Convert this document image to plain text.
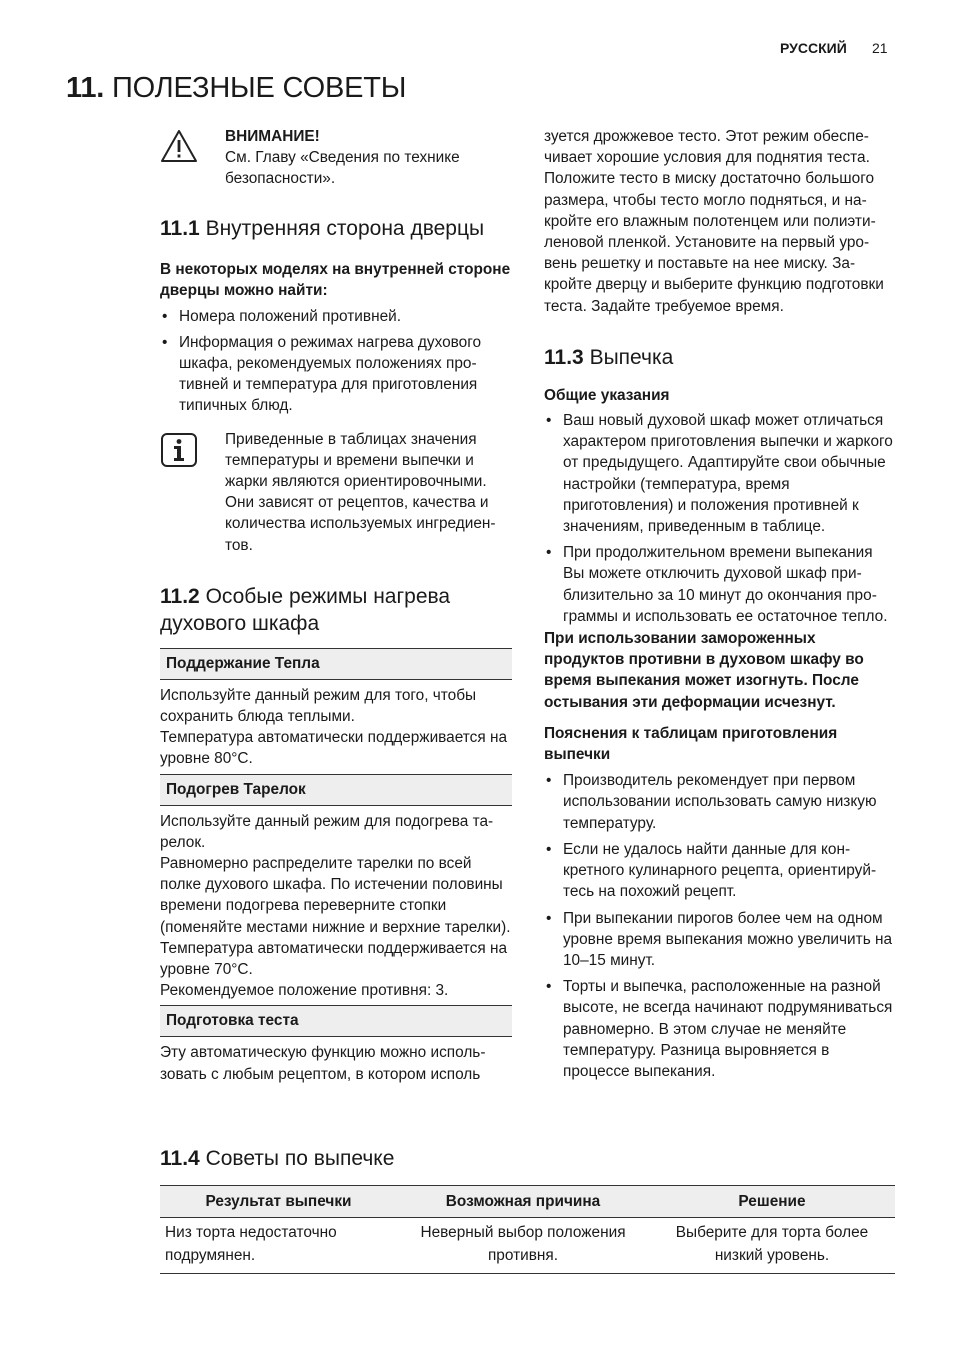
РУССКИЙ 21
11. ПОЛЕЗНЫЕ СОВЕТЫ
ВНИМАНИЕ!
См. Главу «Сведения по технике безопасности».
11.1 Внутренняя сторона дверцы
В некоторых моделях на внутренней стороне дверцы можно найти:
• Номера положений противней.
• Информация о режимах нагрева духового шкафа, рекомендуемых положениях противней и температура для приготовления типичных блюд.
Приведенные в таблицах значения температуры и времени выпечки и жарки являются ориентировочными. Они зависят от рецептов, качества и количества используемых ингредиентов.
11.2 Особые режимы нагрева духового шкафа
Поддержание Тепла
Используйте данный режим для того, чтобы сохранить блюда теплыми.
Температура автоматически поддерживается на уровне 80°C.
Подогрев Тарелок
Используйте данный режим для подогрева тарелок.
Равномерно распределите тарелки по всей полке духового шкафа. По истечении половины времени подогрева переверните стопки (поменяйте местами нижние и верхние тарелки).
Температура автоматически поддерживается на уровне 70°C.
Рекомендуемое положение противня: 3.
Подготовка теста
Эту автоматическую функцию можно использовать с любым рецептом, в котором исполь
зуется дрожжевое тесто. Этот режим обеспечивает хорошие условия для поднятия теста. Положите тесто в миску достаточно большого размера, чтобы тесто могло подняться, и накройте его влажным полотенцем или полиэтиленовой пленкой. Установите на первый уровень решетку и поставьте на нее миску. Закройте дверцу и выберите функцию подготовки теста. Задайте требуемое время.
11.3 Выпечка
Общие указания
• Ваш новый духовой шкаф может отличаться характером приготовления выпечки и жаркого от предыдущего. Адаптируйте свои обычные настройки (температура, время приготовления) и положения противней к значениям, приведенным в таблице.
• При продолжительном времени выпекания Вы можете отключить духовой шкаф приблизительно за 10 минут до окончания программы и использовать ее остаточное тепло.
При использовании замороженных продуктов противни в духовом шкафу во время выпекания может изогнуть. После остывания эти деформации исчезнут.
Пояснения к таблицам приготовления выпечки
• Производитель рекомендует при первом использовании использовать самую низкую температуру.
• Если не удалось найти данные для конкретного кулинарного рецепта, ориентируйтесь на похожий рецепт.
• При выпекании пирогов более чем на одном уровне время выпекания можно увеличить на 10–15 минут.
• Торты и выпечка, расположенные на разной высоте, не всегда начинают подрумяниваться равномерно. В этом случае не меняйте температуру. Разница выровняется в процессе выпекания.
11.4 Советы по выпечке
Результат выпечки	Возможная причина	Решение
Низ торта недостаточно подрумянен.	Неверный выбор положения противня.	Выберите для торта более низкий уровень.
